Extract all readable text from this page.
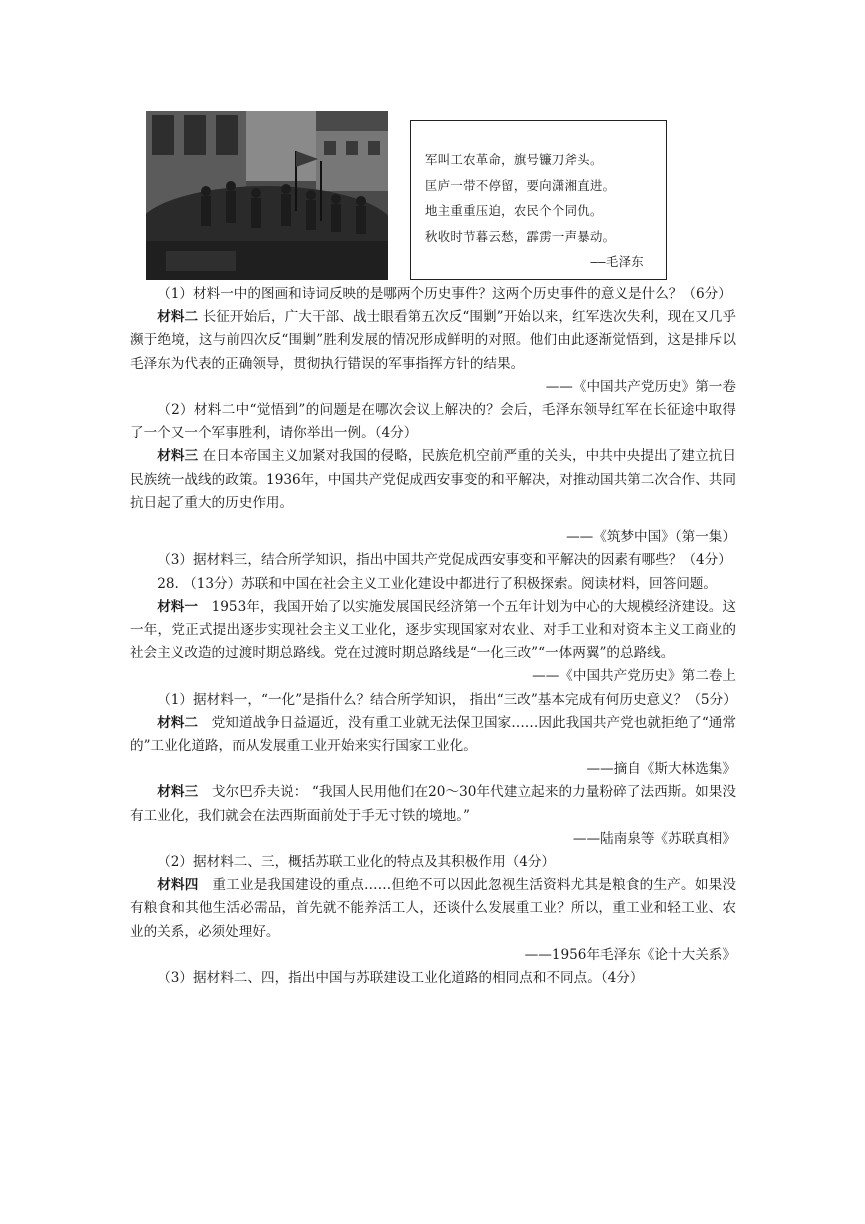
军叫工农革命，旗号镰刀斧头。
匡庐一带不停留，要向潇湘直进。
地主重重压迫，农民个个同仇。
秋收时节暮云愁，霹雳一声暴动。
——毛泽东
（1）材料一中的图画和诗词反映的是哪两个历史事件？这两个历史事件的意义是什么？（6分）
材料二 长征开始后，广大干部、战士眼看第五次反“围剿”开始以来，红军迭次失利，现在又几乎濒于绝境，这与前四次反“围剿”胜利发展的情况形成鲜明的对照。他们由此逐渐觉悟到，这是排斥以毛泽东为代表的正确领导，贯彻执行错误的军事指挥方针的结果。
——《中国共产党历史》第一卷
（2）材料二中“觉悟到”的问题是在哪次会议上解决的？会后，毛泽东领导红军在长征途中取得了一个又一个军事胜利，请你举出一例。（4分）
材料三 在日本帝国主义加紧对我国的侵略，民族危机空前严重的关头，中共中央提出了建立抗日民族统一战线的政策。1936年，中国共产党促成西安事变的和平解决，对推动国共第二次合作、共同抗日起了重大的历史作用。
——《筑梦中国》（第一集）
（3）据材料三，结合所学知识，指出中国共产党促成西安事变和平解决的因素有哪些？（4分）
28. （13分）苏联和中国在社会主义工业化建设中都进行了积极探索。阅读材料，回答问题。
材料一　1953年，我国开始了以实施发展国民经济第一个五年计划为中心的大规模经济建设。这一年，党正式提出逐步实现社会主义工业化，逐步实现国家对农业、对手工业和对资本主义工商业的社会主义改造的过渡时期总路线。党在过渡时期总路线是“一化三改”“一体两翼”的总路线。
——《中国共产党历史》第二卷上
（1）据材料一，“一化”是指什么？结合所学知识， 指出“三改”基本完成有何历史意义？（5分）
材料二　党知道战争日益逼近，没有重工业就无法保卫国家……因此我国共产党也就拒绝了“通常的”工业化道路，而从发展重工业开始来实行国家工业化。
——摘自《斯大林选集》
材料三　戈尔巴乔夫说： “我国人民用他们在20～30年代建立起来的力量粉碎了法西斯。如果没有工业化，我们就会在法西斯面前处于手无寸铁的境地。”
——陆南泉等《苏联真相》
（2）据材料二、三，概括苏联工业化的特点及其积极作用（4分）
材料四　重工业是我国建设的重点……但绝不可以因此忽视生活资料尤其是粮食的生产。如果没有粮食和其他生活必需品，首先就不能养活工人，还谈什么发展重工业？所以，重工业和轻工业、农业的关系，必须处理好。
——1956年毛泽东《论十大关系》
（3）据材料二、四，指出中国与苏联建设工业化道路的相同点和不同点。（4分）
